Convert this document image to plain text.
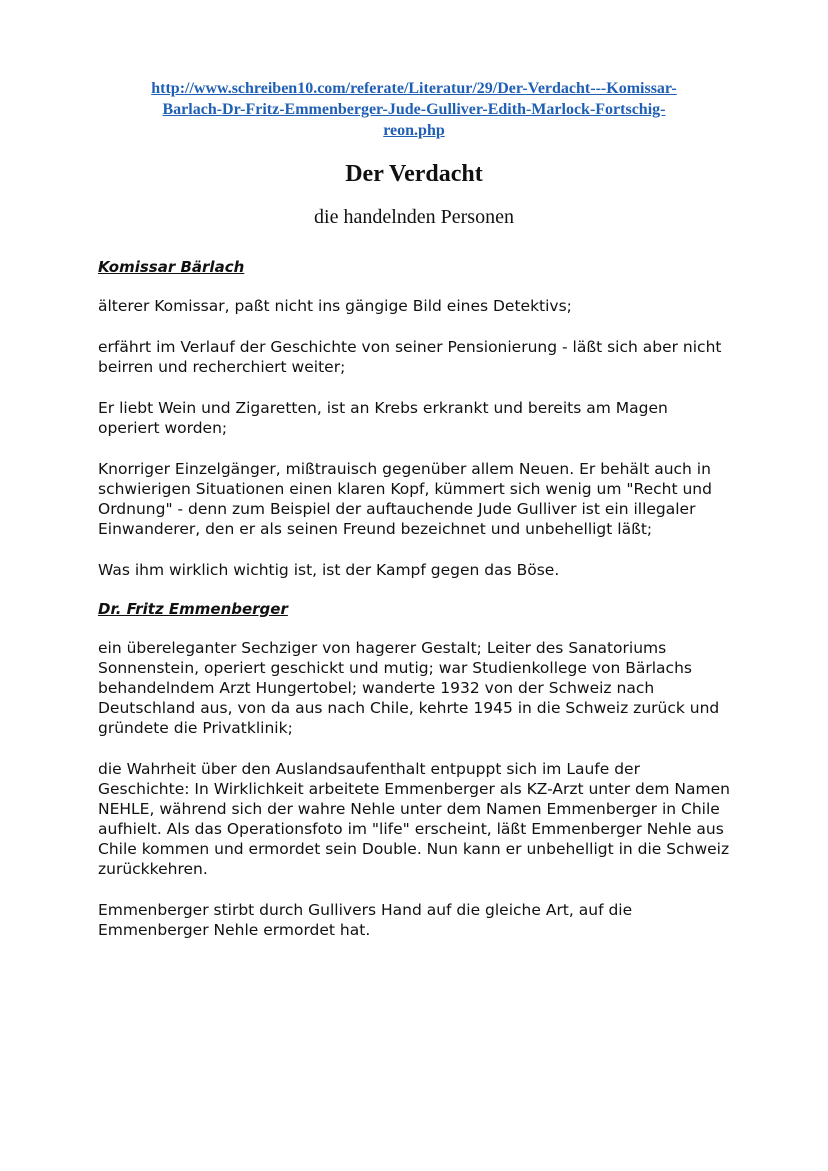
http://www.schreiben10.com/referate/Literatur/29/Der-Verdacht---Komissar-
Barlach-Dr-Fritz-Emmenberger-Jude-Gulliver-Edith-Marlock-Fortschig-
reon.php
Der Verdacht
die handelnden Personen
Komissar Bärlach

älterer Komissar, paßt nicht ins gängige Bild eines Detektivs;

erfährt im Verlauf der Geschichte von seiner Pensionierung - läßt sich aber nicht beirren und recherchiert weiter;

Er liebt Wein und Zigaretten, ist an Krebs erkrankt und bereits am Magen operiert worden;

Knorriger Einzelgänger, mißtrauisch gegenüber allem Neuen. Er behält auch in schwierigen Situationen einen klaren Kopf, kümmert sich wenig um "Recht und Ordnung" - denn zum Beispiel der auftauchende Jude Gulliver ist ein illegaler Einwanderer, den er als seinen Freund bezeichnet und unbehelligt läßt;

Was ihm wirklich wichtig ist, ist der Kampf gegen das Böse.

Dr. Fritz Emmenberger

ein übereleganter Sechziger von hagerer Gestalt; Leiter des Sanatoriums Sonnenstein, operiert geschickt und mutig; war Studienkollege von Bärlachs behandelndem Arzt Hungertobel; wanderte 1932 von der Schweiz nach Deutschland aus, von da aus nach Chile, kehrte 1945 in die Schweiz zurück und gründete die Privatklinik;

die Wahrheit über den Auslandsaufenthalt entpuppt sich im Laufe der Geschichte: In Wirklichkeit arbeitete Emmenberger als KZ-Arzt unter dem Namen NEHLE, während sich der wahre Nehle unter dem Namen Emmenberger in Chile aufhielt. Als das Operationsfoto im "life" erscheint, läßt Emmenberger Nehle aus Chile kommen und ermordet sein Double. Nun kann er unbehelligt in die Schweiz zurückkehren.

Emmenberger stirbt durch Gullivers Hand auf die gleiche Art, auf die Emmenberger Nehle ermordet hat.
